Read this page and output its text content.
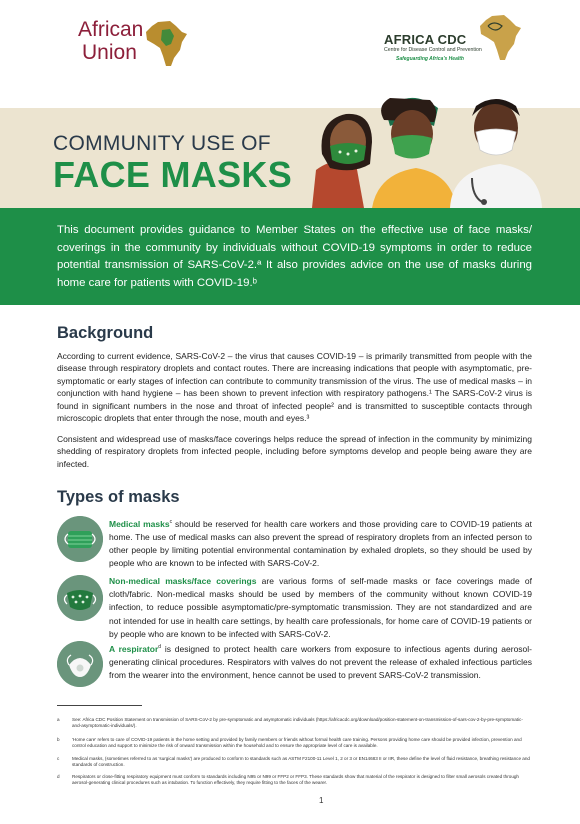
African
Union
AFRICA CDC
Centre for Disease Control and Prevention
Safeguarding Africa's Health
COMMUNITY USE OF
FACE MASKS

This document provides guidance to Member States on the effective use of face masks/ coverings in the community by individuals without COVID-19 symptoms in order to reduce potential transmission of SARS-CoV-2.ª It also provides advice on the use of masks during home care for patients with COVID-19.ᵇ

Background

According to current evidence, SARS-CoV-2 – the virus that causes COVID-19 – is primarily transmitted from people with the disease through respiratory droplets and contact routes. There are increasing indications that people with asymptomatic, pre-symptomatic or early stages of infection can contribute to community transmission of the virus. The use of medical masks – in conjunction with hand hygiene – has been shown to prevent infection with respiratory pathogens.¹ The SARS-CoV-2 virus is found in significant numbers in the nose and throat of infected people² and is transmitted to susceptible contacts through microscopic droplets that enter through the nose, mouth and eyes.³

Consistent and widespread use of masks/face coverings helps reduce the spread of infection in the community by minimizing shedding of respiratory droplets from infected people, including before symptoms develop and people being aware they are infected.

Types of masks

Medical masks$^c$ should be reserved for health care workers and those providing care to COVID-19 patients at home. The use of medical masks can also prevent the spread of respiratory droplets from an infected person to other people by limiting potential environmental contamination by exhaled droplets, so they should be used by people who are known to be infected with SARS-CoV-2.

Non-medical masks/face coverings are various forms of self-made masks or face coverings made of cloth/fabric. Non-medical masks should be used by members of the community without known COVID-19 infection, to reduce possible asymptomatic/pre-symptomatic transmission. They are not standardized and are not intended for use in health care settings, by health care professionals, for home care of COVID-19 patients or by people who are known to be infected with SARS-CoV-2.

A respirator$^d$ is designed to protect health care workers from exposure to infectious agents during aerosol-generating clinical procedures. Respirators with valves do not prevent the release of exhaled infectious particles from the wearer into the environment, hence cannot be used to prevent SARS-CoV-2 transmission.

a	See: Africa CDC Position Statement on transmission of SARS-CoV-2 by pre-symptomatic and asymptomatic individuals (https://africacdc.org/download/position-statement-on-transmission-of-sars-cov-2-by-pre-symptomatic-and-asymptomatic-individuals/).
b	'Home care' refers to care of COVID-19 patients in the home setting and provided by family members or friends without formal health care training. Persons providing home care should be provided infection, prevention and control education and support to minimize the risk of onward transmission within the household and to ensure the appropriate level of care is available.
c	Medical masks, (sometimes referred to as 'surgical masks') are produced to conform to standards such as ASTM F2100-11 Level 1, 2 or 3 or EN14683 II or IIR, these define the level of fluid resistance, breathing resistance and standards of construction.
d	Respirators or close-fitting respiratory equipment must conform to standards including N95 or N99 or FFP2 or FFP3. These standards show that material of the respirator is designed to filter small aerosols created through aerosol-generating clinical procedures such as intubation. To function effectively, they require fitting to the faces of the wearer.
1
